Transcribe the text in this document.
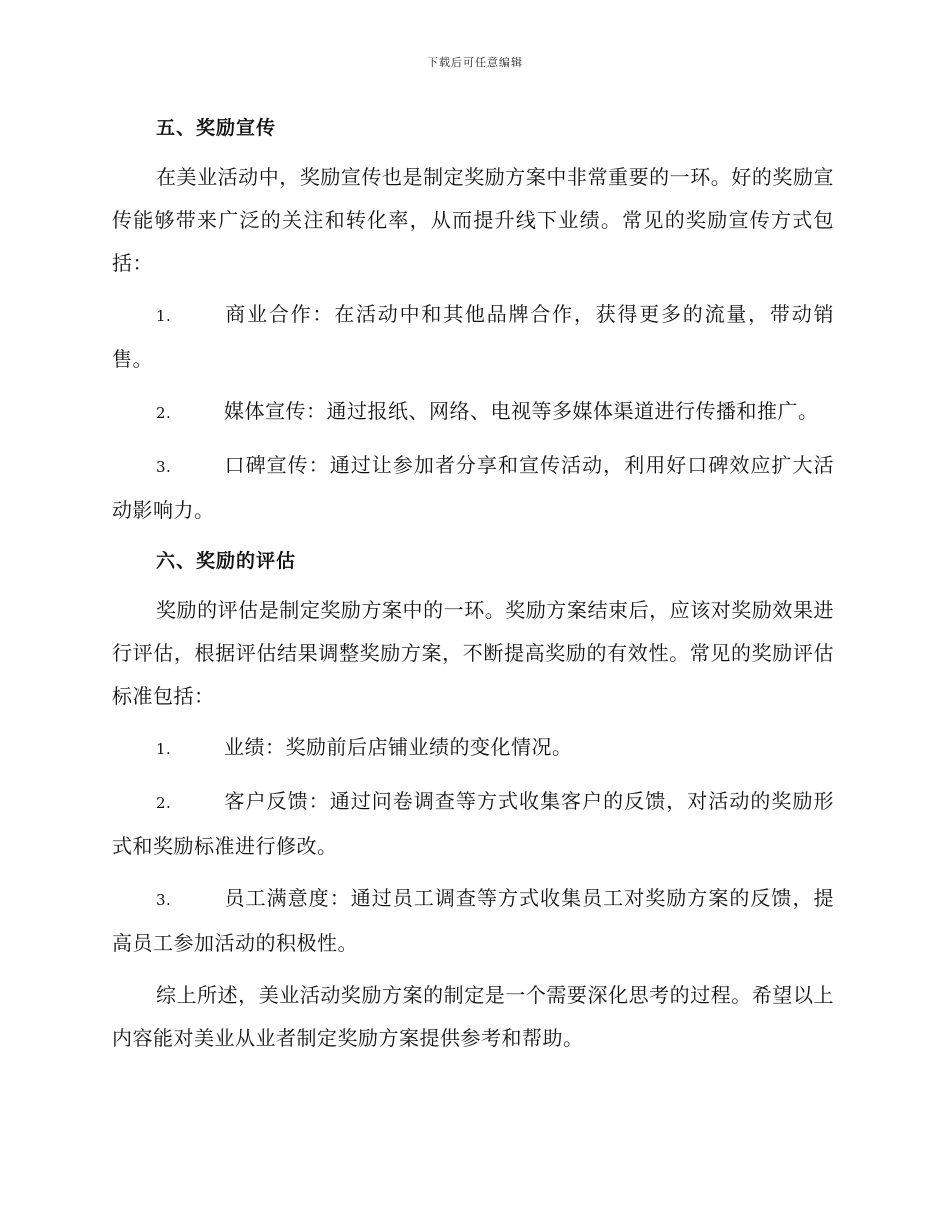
下载后可任意编辑
五、奖励宣传

在美业活动中，奖励宣传也是制定奖励方案中非常重要的一环。好的奖励宣传能够带来广泛的关注和转化率，从而提升线下业绩。常见的奖励宣传方式包括：

1.	商业合作：在活动中和其他品牌合作，获得更多的流量，带动销售。

2.	媒体宣传：通过报纸、网络、电视等多媒体渠道进行传播和推广。

3.	口碑宣传：通过让参加者分享和宣传活动，利用好口碑效应扩大活动影响力。

六、奖励的评估

奖励的评估是制定奖励方案中的一环。奖励方案结束后，应该对奖励效果进行评估，根据评估结果调整奖励方案，不断提高奖励的有效性。常见的奖励评估标准包括：

1.	业绩：奖励前后店铺业绩的变化情况。

2.	客户反馈：通过问卷调查等方式收集客户的反馈，对活动的奖励形式和奖励标准进行修改。

3.	员工满意度：通过员工调查等方式收集员工对奖励方案的反馈，提高员工参加活动的积极性。

综上所述，美业活动奖励方案的制定是一个需要深化思考的过程。希望以上内容能对美业从业者制定奖励方案提供参考和帮助。
